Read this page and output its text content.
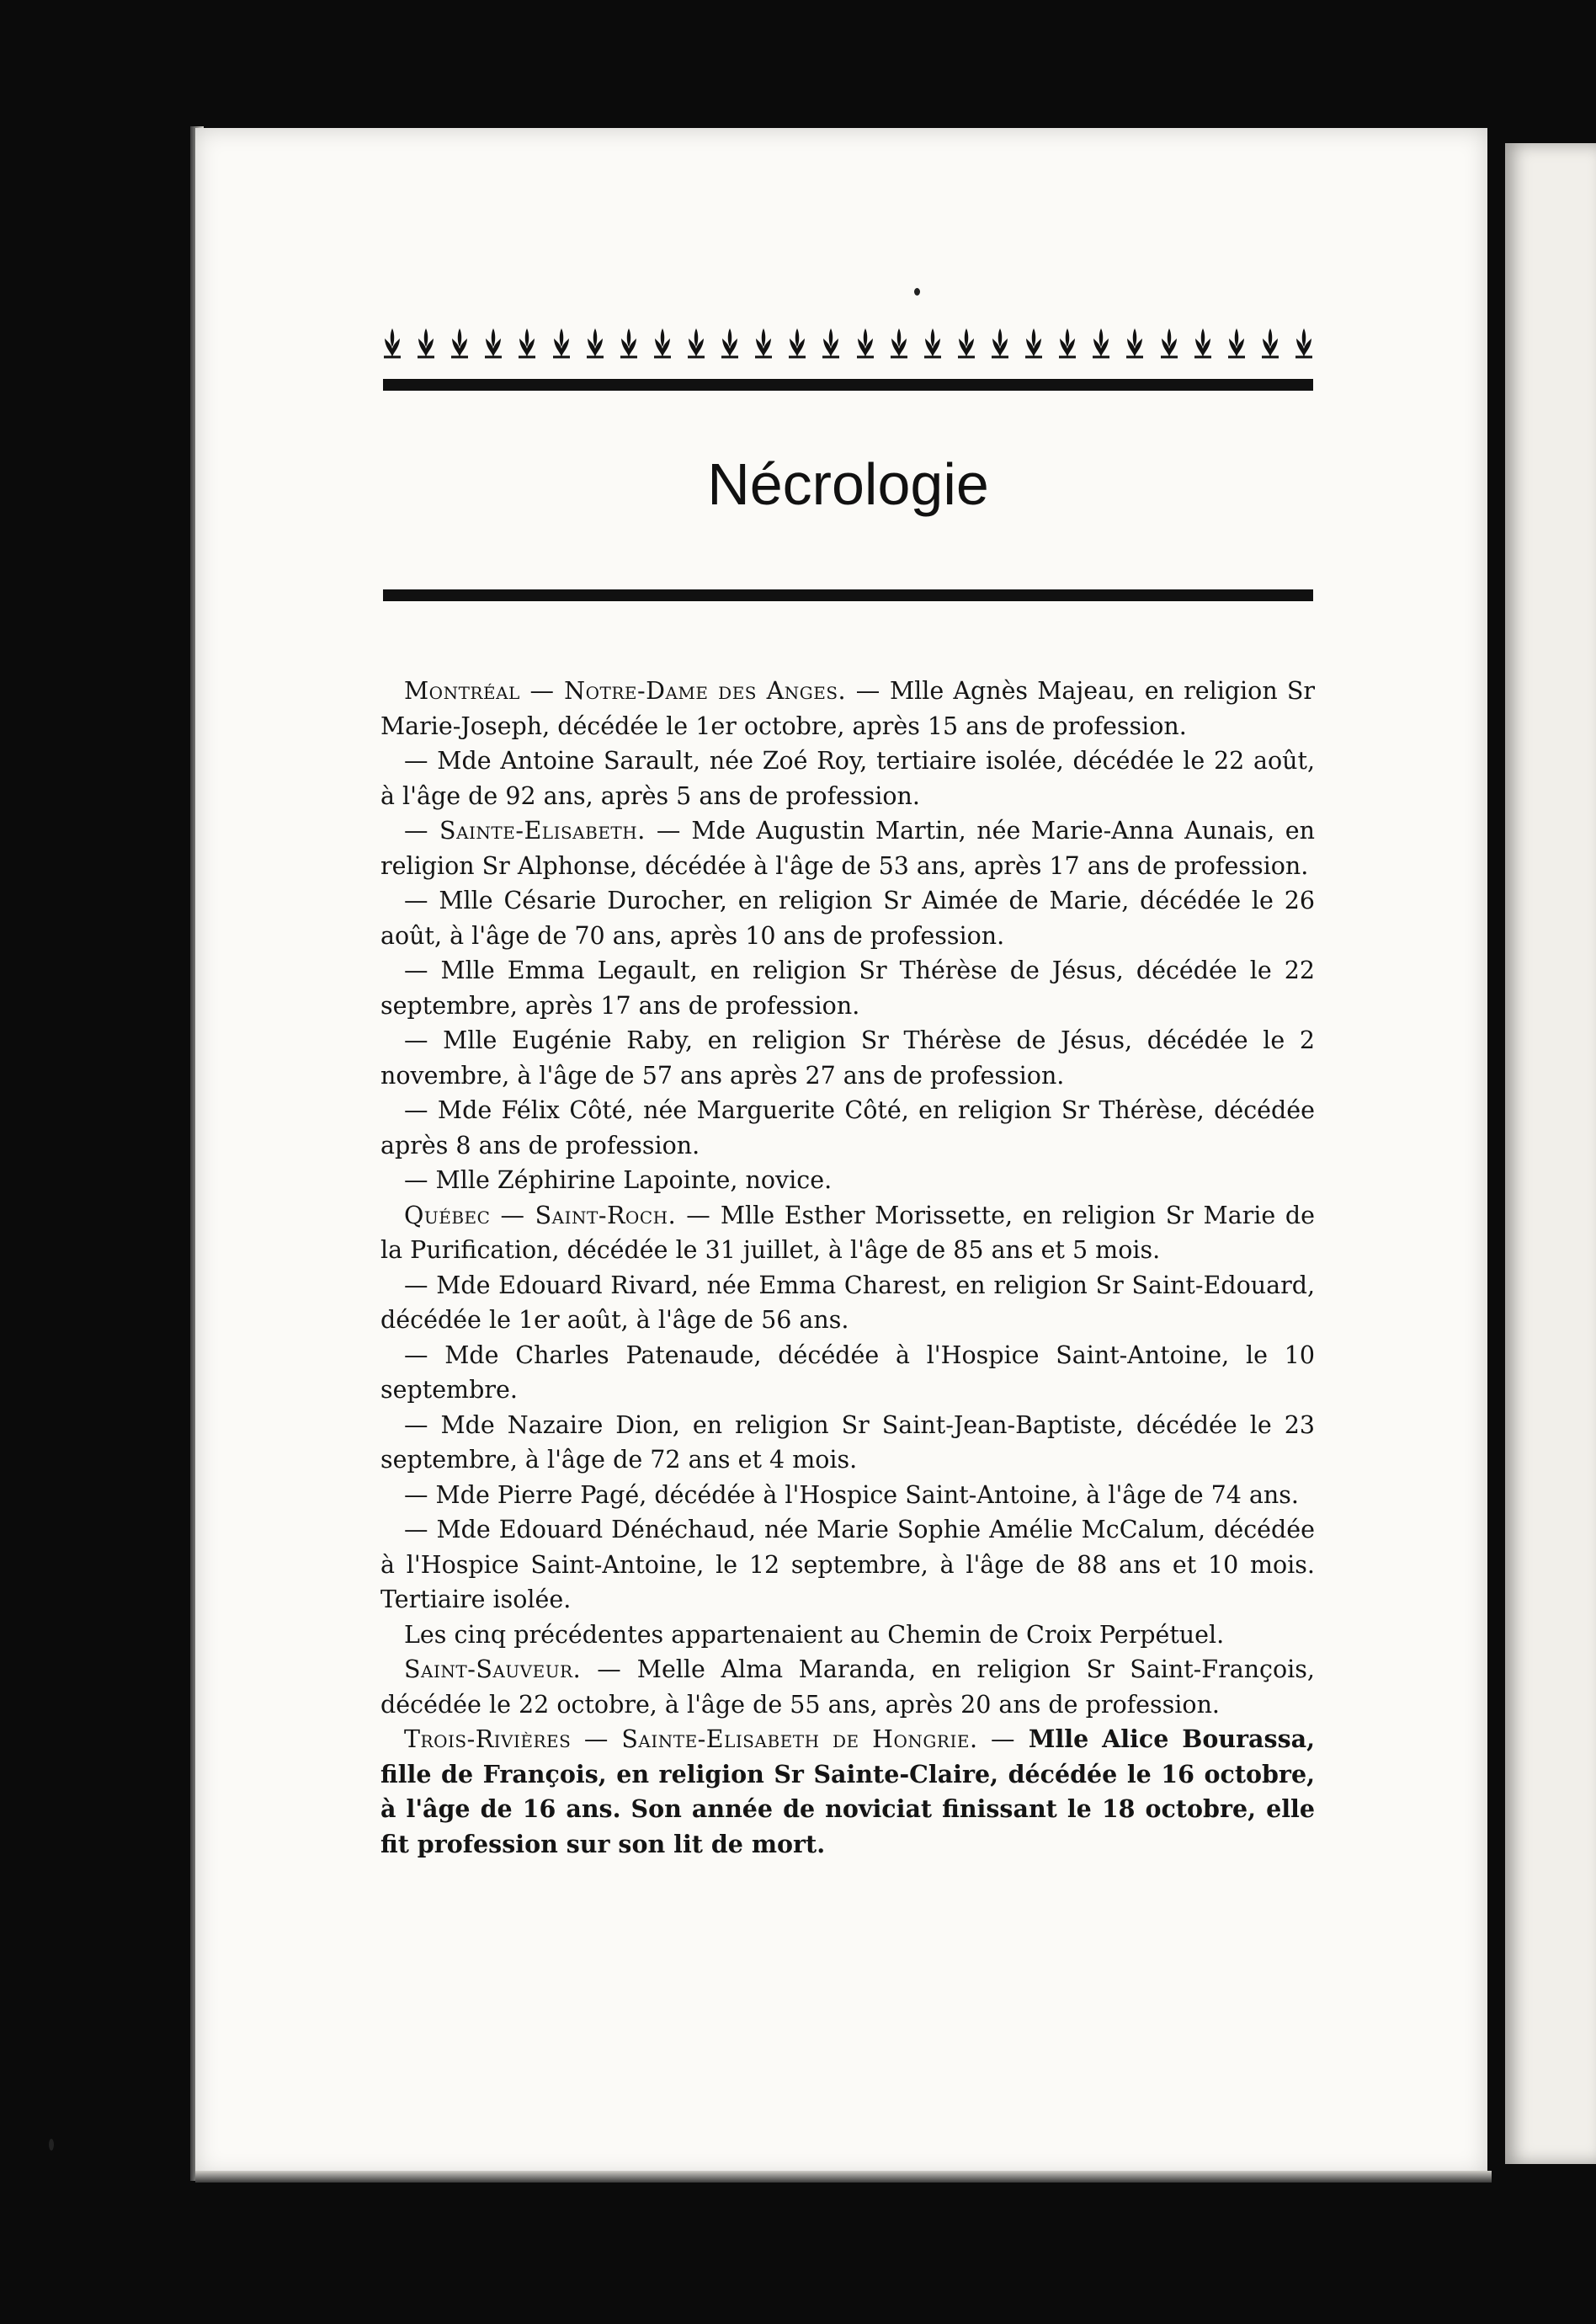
Nécrologie

Montréal — Notre-Dame des Anges. — Mlle Agnès Majeau, en religion Sr Marie-Joseph, décédée le 1er octobre, après 15 ans de profession.

— Mde Antoine Sarault, née Zoé Roy, tertiaire isolée, décédée le 22 août, à l'âge de 92 ans, après 5 ans de profession.

— Sainte-Elisabeth. — Mde Augustin Martin, née Marie-Anna Aunais, en religion Sr Alphonse, décédée à l'âge de 53 ans, après 17 ans de profession.

— Mlle Césarie Durocher, en religion Sr Aimée de Marie, décédée le 26 août, à l'âge de 70 ans, après 10 ans de profession.

— Mlle Emma Legault, en religion Sr Thérèse de Jésus, décédée le 22 septembre, après 17 ans de profession.

— Mlle Eugénie Raby, en religion Sr Thérèse de Jésus, décédée le 2 novembre, à l'âge de 57 ans après 27 ans de profession.

— Mde Félix Côté, née Marguerite Côté, en religion Sr Thérèse, décédée après 8 ans de profession.

— Mlle Zéphirine Lapointe, novice.

Québec — Saint-Roch. — Mlle Esther Morissette, en religion Sr Marie de la Purification, décédée le 31 juillet, à l'âge de 85 ans et 5 mois.

— Mde Edouard Rivard, née Emma Charest, en religion Sr Saint-Edouard, décédée le 1er août, à l'âge de 56 ans.

— Mde Charles Patenaude, décédée à l'Hospice Saint-Antoine, le 10 septembre.

— Mde Nazaire Dion, en religion Sr Saint-Jean-Baptiste, décédée le 23 septembre, à l'âge de 72 ans et 4 mois.

— Mde Pierre Pagé, décédée à l'Hospice Saint-Antoine, à l'âge de 74 ans.

— Mde Edouard Dénéchaud, née Marie Sophie Amélie McCalum, décédée à l'Hospice Saint-Antoine, le 12 septembre, à l'âge de 88 ans et 10 mois. Tertiaire isolée.

Les cinq précédentes appartenaient au Chemin de Croix Perpétuel.

Saint-Sauveur. — Melle Alma Maranda, en religion Sr Saint-François, décédée le 22 octobre, à l'âge de 55 ans, après 20 ans de profession.

Trois-Rivières — Sainte-Elisabeth de Hongrie. — Mlle Alice Bourassa, fille de François, en religion Sr Sainte-Claire, décédée le 16 octobre, à l'âge de 16 ans. Son année de noviciat finissant le 18 octobre, elle fit profession sur son lit de mort.
